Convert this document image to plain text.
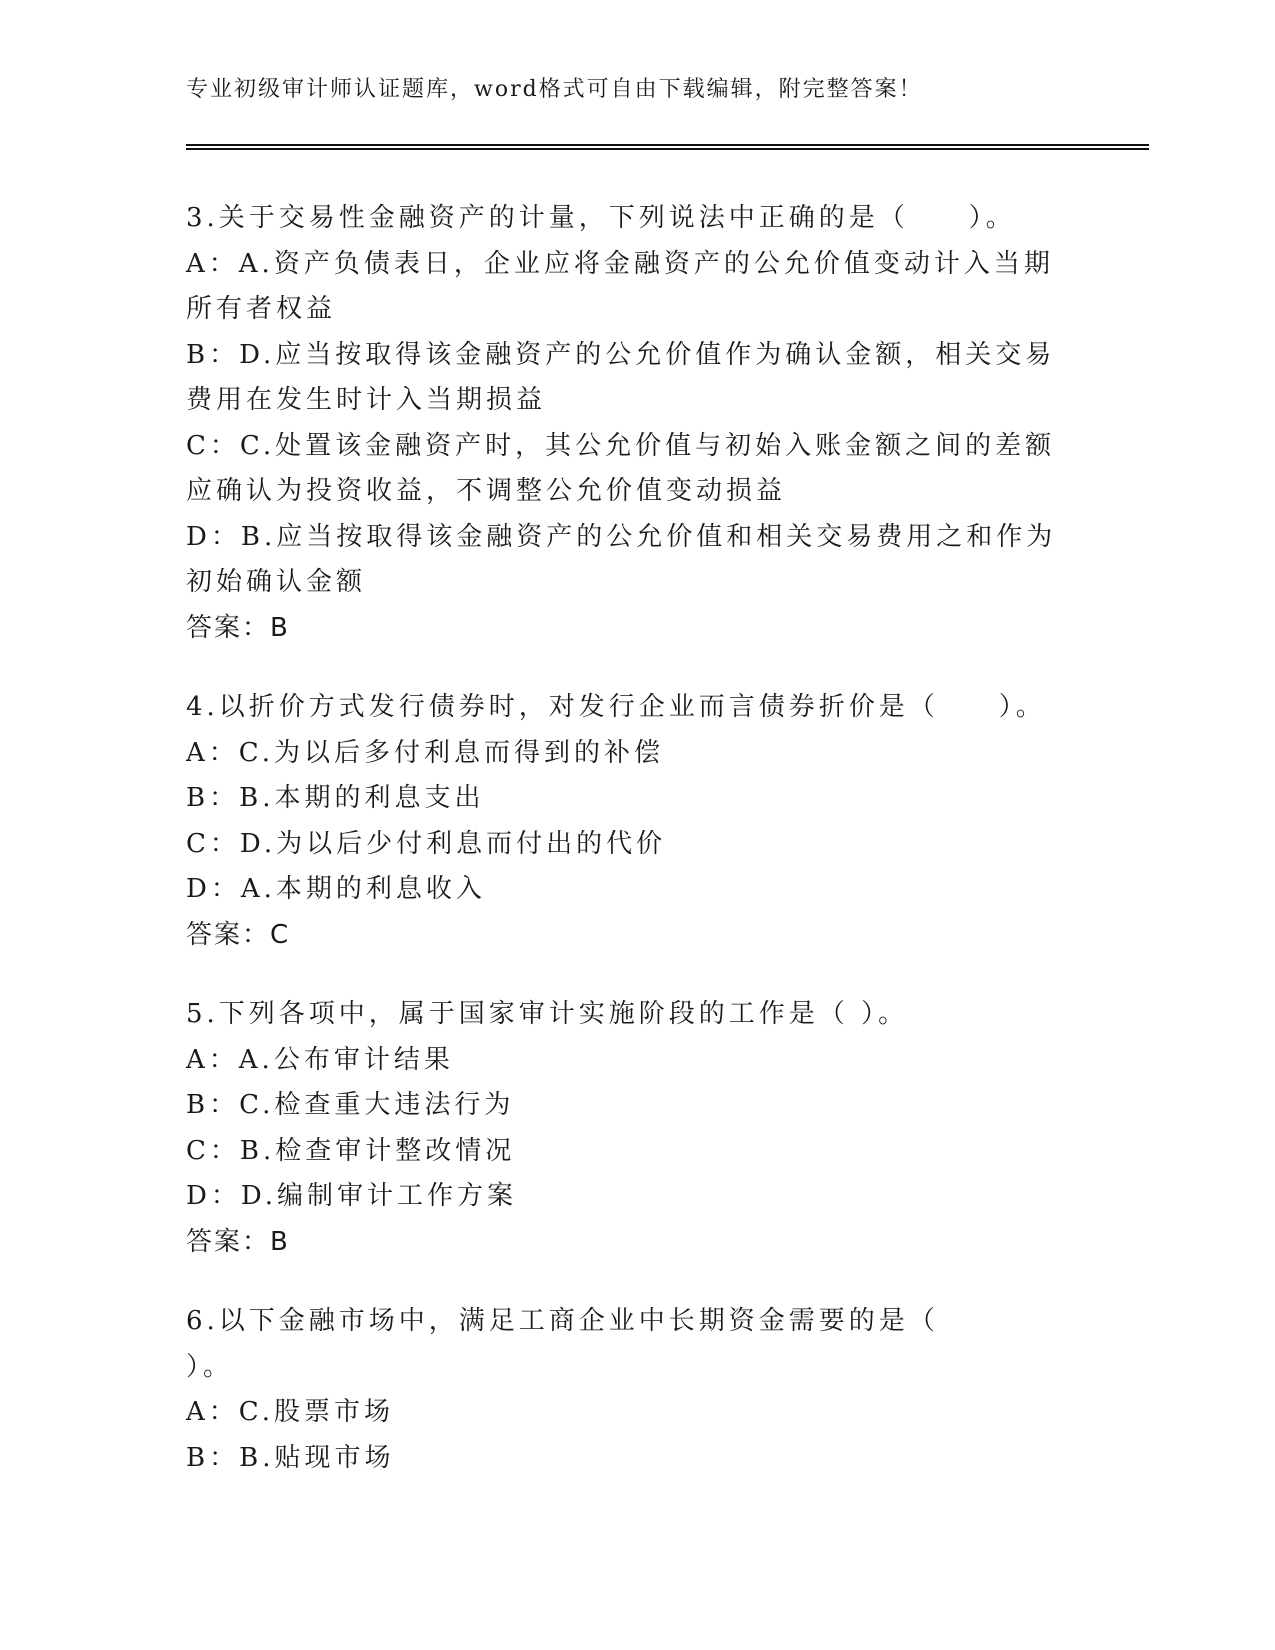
专业初级审计师认证题库，word格式可自由下载编辑，附完整答案！
3.关于交易性金融资产的计量，下列说法中正确的是（　　）。
A：A.资产负债表日，企业应将金融资产的公允价值变动计入当期所有者权益
B：D.应当按取得该金融资产的公允价值作为确认金额，相关交易费用在发生时计入当期损益
C：C.处置该金融资产时，其公允价值与初始入账金额之间的差额应确认为投资收益，不调整公允价值变动损益
D：B.应当按取得该金融资产的公允价值和相关交易费用之和作为初始确认金额
答案：B
4.以折价方式发行债券时，对发行企业而言债券折价是（　　）。
A：C.为以后多付利息而得到的补偿
B：B.本期的利息支出
C：D.为以后少付利息而付出的代价
D：A.本期的利息收入
答案：C
5.下列各项中，属于国家审计实施阶段的工作是（ ）。
A：A.公布审计结果
B：C.检查重大违法行为
C：B.检查审计整改情况
D：D.编制审计工作方案
答案：B
6.以下金融市场中，满足工商企业中长期资金需要的是（　　　）。
A：C.股票市场
B：B.贴现市场
